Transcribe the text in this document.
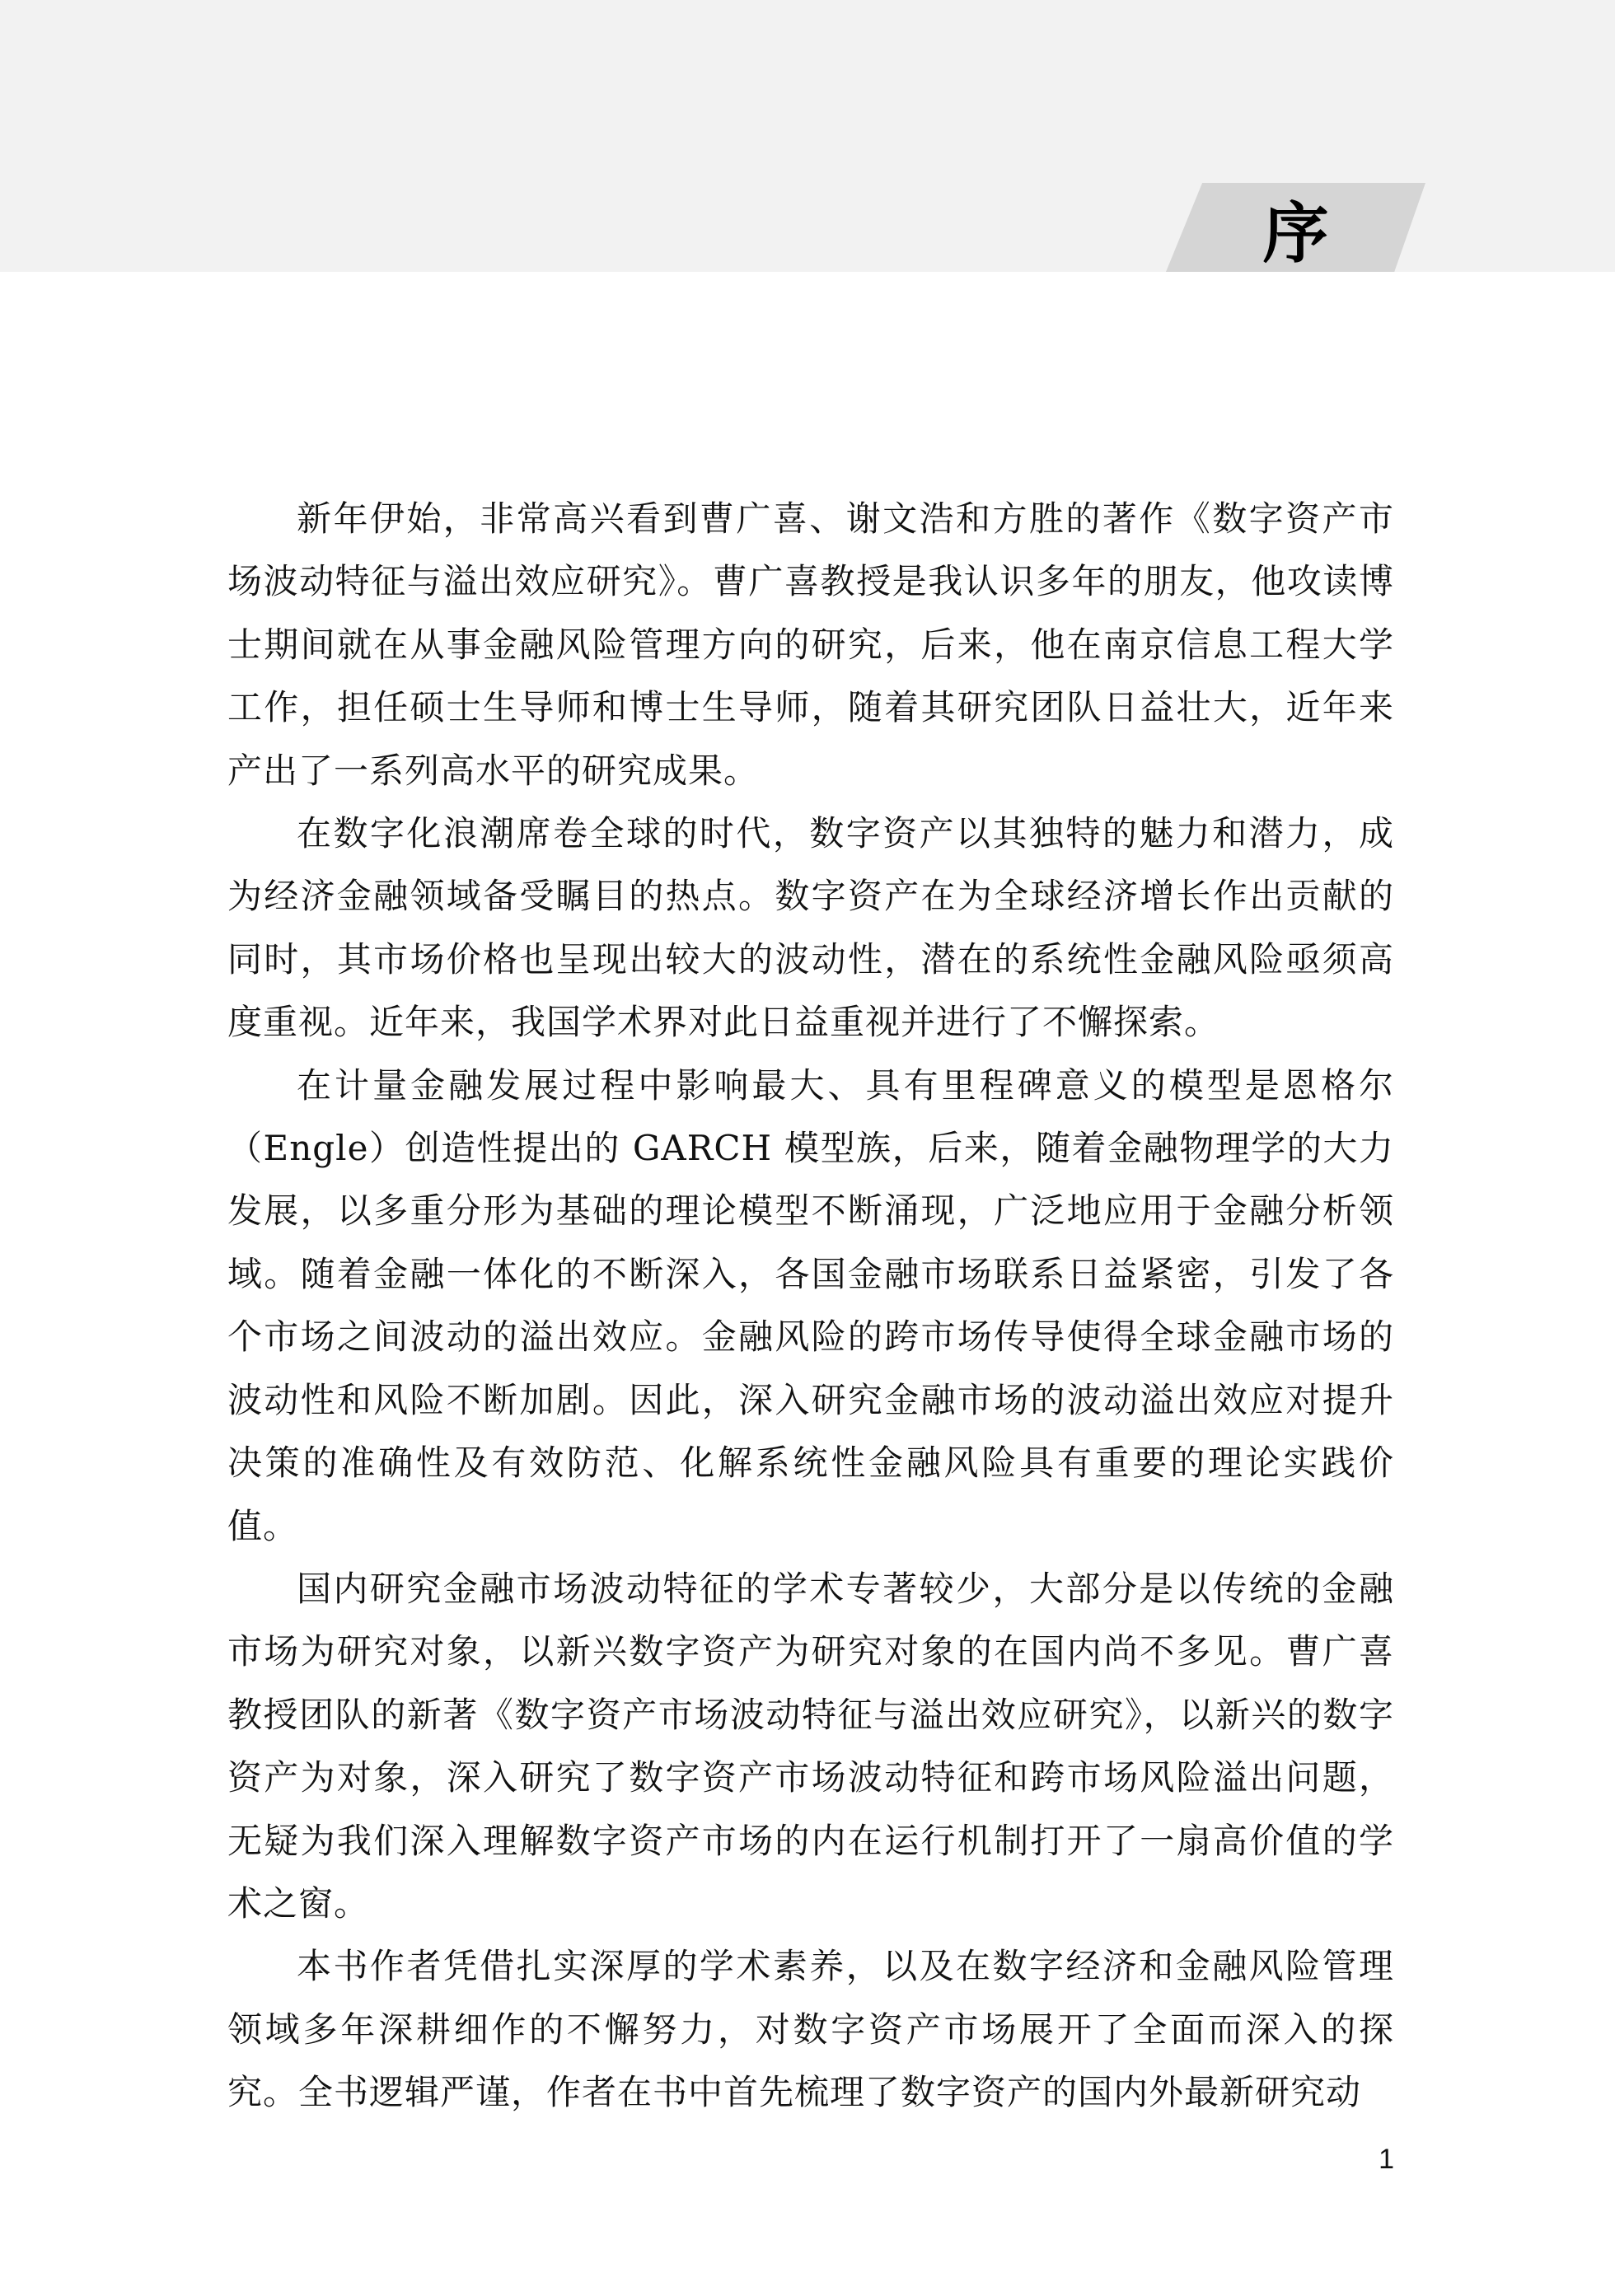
序

新年伊始，非常高兴看到曹广喜、谢文浩和方胜的著作《数字资产市场波动特征与溢出效应研究》。曹广喜教授是我认识多年的朋友，他攻读博士期间就在从事金融风险管理方向的研究，后来，他在南京信息工程大学工作，担任硕士生导师和博士生导师，随着其研究团队日益壮大，近年来产出了一系列高水平的研究成果。

在数字化浪潮席卷全球的时代，数字资产以其独特的魅力和潜力，成为经济金融领域备受瞩目的热点。数字资产在为全球经济增长作出贡献的同时，其市场价格也呈现出较大的波动性，潜在的系统性金融风险亟须高度重视。近年来，我国学术界对此日益重视并进行了不懈探索。

在计量金融发展过程中影响最大、具有里程碑意义的模型是恩格尔（Engle）创造性提出的 GARCH 模型族，后来，随着金融物理学的大力发展，以多重分形为基础的理论模型不断涌现，广泛地应用于金融分析领域。随着金融一体化的不断深入，各国金融市场联系日益紧密，引发了各个市场之间波动的溢出效应。金融风险的跨市场传导使得全球金融市场的波动性和风险不断加剧。因此，深入研究金融市场的波动溢出效应对提升决策的准确性及有效防范、化解系统性金融风险具有重要的理论实践价值。

国内研究金融市场波动特征的学术专著较少，大部分是以传统的金融市场为研究对象，以新兴数字资产为研究对象的在国内尚不多见。曹广喜教授团队的新著《数字资产市场波动特征与溢出效应研究》，以新兴的数字资产为对象，深入研究了数字资产市场波动特征和跨市场风险溢出问题，无疑为我们深入理解数字资产市场的内在运行机制打开了一扇高价值的学术之窗。

本书作者凭借扎实深厚的学术素养，以及在数字经济和金融风险管理领域多年深耕细作的不懈努力，对数字资产市场展开了全面而深入的探究。全书逻辑严谨，作者在书中首先梳理了数字资产的国内外最新研究动

1
